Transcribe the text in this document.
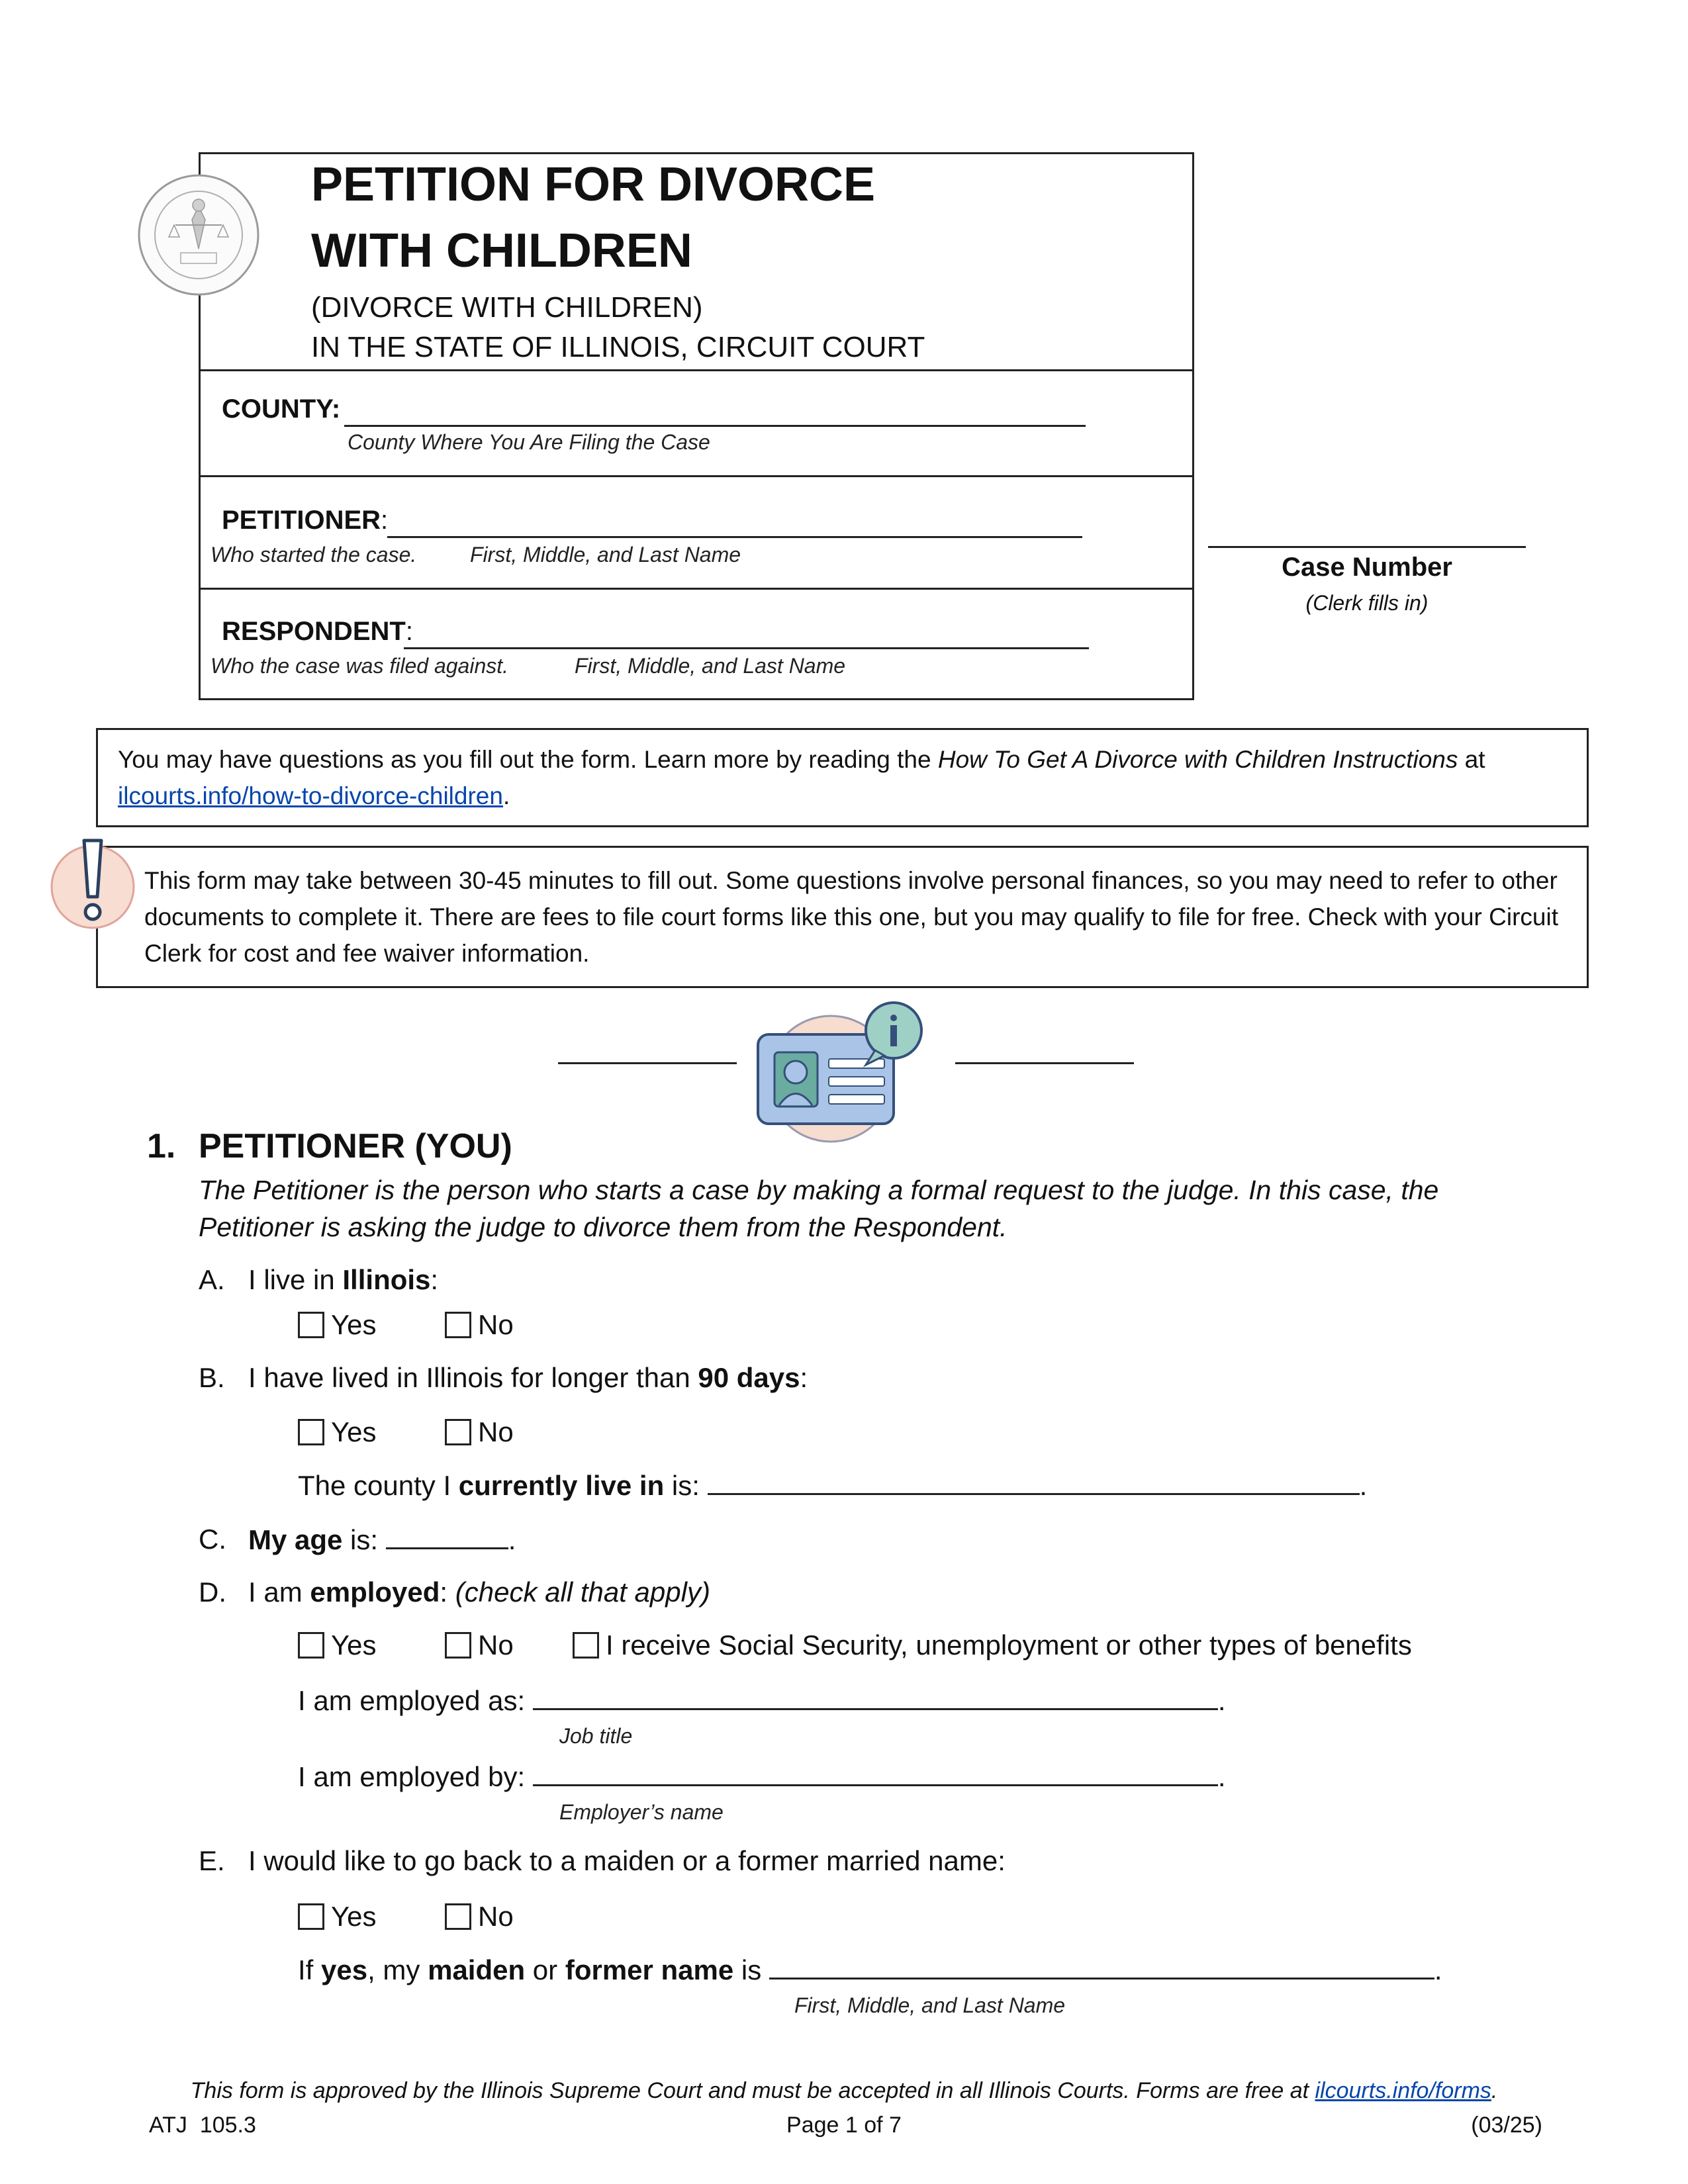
PETITION FOR DIVORCE
WITH CHILDREN
(DIVORCE WITH CHILDREN)
IN THE STATE OF ILLINOIS, CIRCUIT COURT
COUNTY:
County Where You Are Filing the Case
PETITIONER:
Who started the case.	First, Middle, and Last Name
RESPONDENT:
Who the case was filed against.	First, Middle, and Last Name
Case Number
(Clerk fills in)
You may have questions as you fill out the form. Learn more by reading the How To Get A Divorce with Children Instructions at
ilcourts.info/how-to-divorce-children.
This form may take between 30-45 minutes to fill out. Some questions involve personal finances, so you may need to refer to other documents to complete it. There are fees to file court forms like this one, but you may qualify to file for free. Check with your Circuit Clerk for cost and fee waiver information.
1. PETITIONER (YOU)
The Petitioner is the person who starts a case by making a formal request to the judge. In this case, the Petitioner is asking the judge to divorce them from the Respondent.
A. I live in Illinois:
Yes	No
B. I have lived in Illinois for longer than 90 days:
Yes	No
The county I currently live in is:	.
C. My age is:	.
D. I am employed: (check all that apply)
Yes	No	I receive Social Security, unemployment or other types of benefits
I am employed as:	.
Job title
I am employed by:	.
Employer’s name
E. I would like to go back to a maiden or a former married name:
Yes	No
If yes, my maiden or former name is	.
First, Middle, and Last Name
This form is approved by the Illinois Supreme Court and must be accepted in all Illinois Courts. Forms are free at ilcourts.info/forms.
ATJ  105.3	Page 1 of 7	(03/25)
